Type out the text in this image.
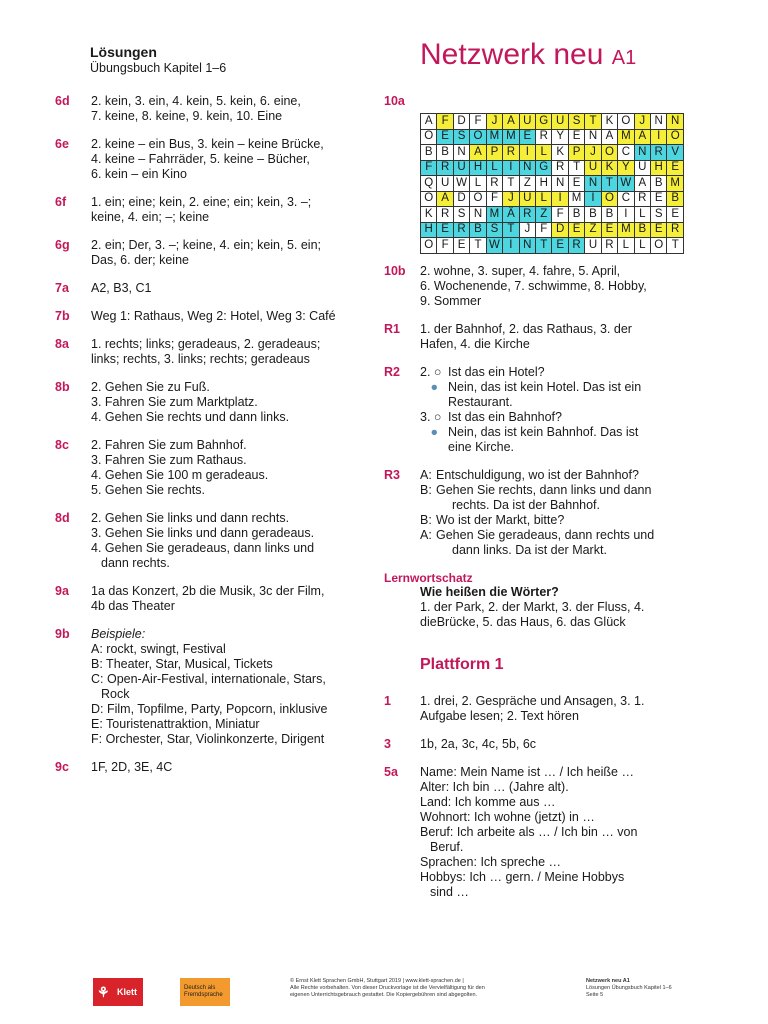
Lösungen
Übungsbuch Kapitel 1–6	Netzwerk neu A1
6d	2. kein, 3. ein, 4. kein, 5. kein, 6. eine,
7. keine, 8. keine, 9. kein, 10. Eine
6e	2. keine – ein Bus, 3. kein – keine Brücke,
4. keine – Fahrräder, 5. keine – Bücher,
6. kein – ein Kino
6f	1. ein; eine; kein, 2. eine; ein; kein, 3. –;
keine, 4. ein; –; keine
6g	2. ein; Der, 3. –; keine, 4. ein; kein, 5. ein;
Das, 6. der; keine
7a	A2, B3, C1
7b	Weg 1: Rathaus, Weg 2: Hotel, Weg 3: Café
8a	1. rechts; links; geradeaus, 2. geradeaus;
links; rechts, 3. links; rechts; geradeaus
8b	2. Gehen Sie zu Fuß.
3. Fahren Sie zum Marktplatz.
4. Gehen Sie rechts und dann links.
8c	2. Fahren Sie zum Bahnhof.
3. Fahren Sie zum Rathaus.
4. Gehen Sie 100 m geradeaus.
5. Gehen Sie rechts.
8d	2. Gehen Sie links und dann rechts.
3. Gehen Sie links und dann geradeaus.
4. Gehen Sie geradeaus, dann links und
dann rechts.
9a	1a das Konzert, 2b die Musik, 3c der Film,
4b das Theater
9b	Beispiele:
A: rockt, swingt, Festival
B: Theater, Star, Musical, Tickets
C: Open-Air-Festival, internationale, Stars,
Rock
D: Film, Topfilme, Party, Popcorn, inklusive
E: Touristenattraktion, Miniatur
F: Orchester, Star, Violinkonzerte, Dirigent
9c	1F, 2D, 3E, 4C
10a
A	F	D	F	J	A	U	G	U	S	T	K	O	J	N	N
O	E	S	O	M	M	E	R	Y	E	N	A	M	A	I	O
B	B	N	A	P	R	I	L	K	P	J	O	C	N	R	V
F	R	Ü	H	L	I	N	G	R	T	U	K	Y	U	H	E
Q	U	W	L	R	T	Z	H	N	E	N	T	W	A	B	M
O	A	D	O	F	J	U	L	I	M	I	O	C	R	E	B
K	R	S	N	M	Ä	R	Z	F	B	B	B	I	L	S	E
H	E	R	B	S	T	J	F	D	E	Z	E	M	B	E	R
O	F	E	T	W	I	N	T	E	R	U	R	L	L	O	T
10b	2. wohne, 3. super, 4. fahre, 5. April,
6. Wochenende, 7. schwimme, 8. Hobby,
9. Sommer
R1	1. der Bahnhof, 2. das Rathaus, 3. der
Hafen, 4. die Kirche
R2	2. ○ Ist das ein Hotel?
● Nein, das ist kein Hotel. Das ist ein
Restaurant.
3. ○ Ist das ein Bahnhof?
● Nein, das ist kein Bahnhof. Das ist
eine Kirche.
R3	A: Entschuldigung, wo ist der Bahnhof?
B: Gehen Sie rechts, dann links und dann
rechts. Da ist der Bahnhof.
B: Wo ist der Markt, bitte?
A: Gehen Sie geradeaus, dann rechts und
dann links. Da ist der Markt.
Lernwortschatz
Wie heißen die Wörter?
1. der Park, 2. der Markt, 3. der Fluss, 4. dieBrücke, 5. das Haus, 6. das Glück
Plattform 1
1	1. drei, 2. Gespräche und Ansagen, 3. 1.
Aufgabe lesen; 2. Text hören
3	1b, 2a, 3c, 4c, 5b, 6c
5a	Name: Mein Name ist … / Ich heiße …
Alter: Ich bin … (Jahre alt).
Land: Ich komme aus …
Wohnort: Ich wohne (jetzt) in …
Beruf: Ich arbeite als … / Ich bin … von
Beruf.
Sprachen: Ich spreche …
Hobbys: Ich … gern. / Meine Hobbys
sind …
⚘ Klett	Deutsch als Fremdsprache
© Ernst Klett Sprachen GmbH, Stuttgart 2019 | www.klett-sprachen.de |
Alle Rechte vorbehalten. Von dieser Druckvorlage ist die Vervielfältigung für den
eigenen Unterrichtsgebrauch gestattet. Die Kopiergebühren sind abgegolten.
Netzwerk neu A1
Lösungen Übungsbuch Kapitel 1–6
Seite 5
